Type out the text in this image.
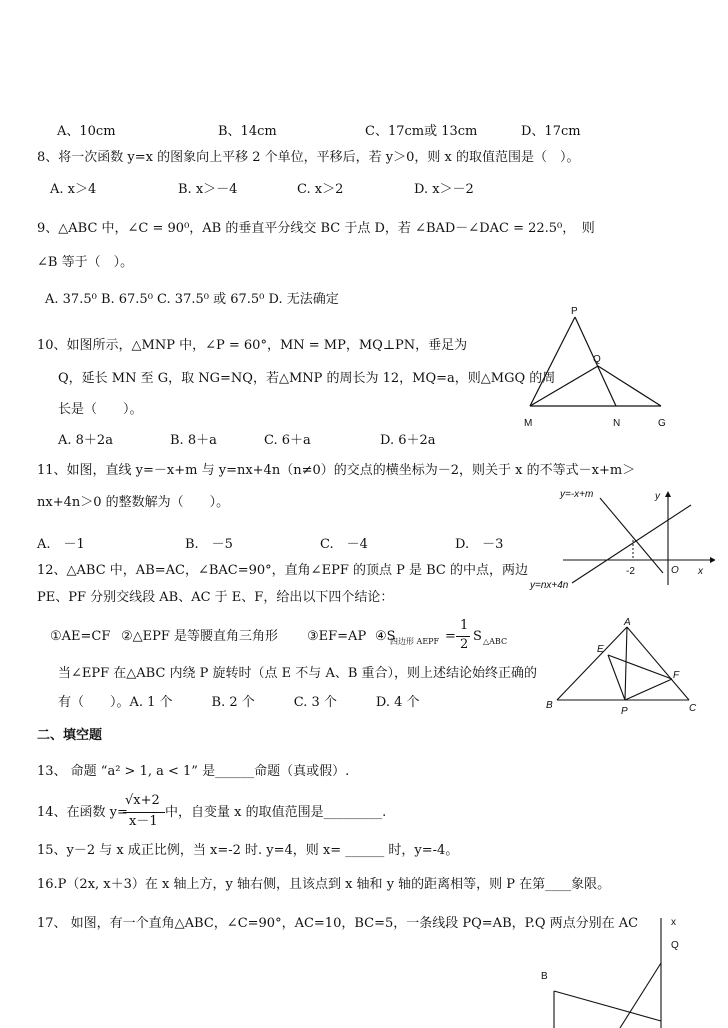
A、10cm	B、14cm	C、17cm或 13cm	D、17cm
8、将一次函数 y=x 的图象向上平移 2 个单位，平移后，若 y＞0，则 x 的取值范围是（　）。
A. x＞4	B. x＞－4	C. x＞2	D. x＞－2
9、△ABC 中，∠C = 90⁰，AB 的垂直平分线交 BC 于点 D，若 ∠BAD－∠DAC = 22.5⁰，　则
∠B 等于（　）。
A. 37.5⁰ B. 67.5⁰ C. 37.5⁰ 或 67.5⁰ D. 无法确定
10、如图所示，△MNP 中，∠P = 60°，MN = MP，MQ⊥PN，垂足为
Q，延长 MN 至 G，取 NG=NQ，若△MNP 的周长为 12，MQ=a，则△MGQ 的周
长是（　　）。
A. 8＋2a	B. 8＋a	C. 6＋a	D. 6＋2a
P
Q
M	N	G
11、如图，直线 y=－x+m 与 y=nx+4n（n≠0）的交点的横坐标为－2，则关于 x 的不等式－x+m＞
nx+4n＞0 的整数解为（　　）。
A.　－1	B.　－5	C.　－4	D.　－3
y=-x+m
y=nx+4n
y
x
O
-2
12、△ABC 中，AB=AC，∠BAC=90°，直角∠EPF 的顶点 P 是 BC 的中点，两边
PE、PF 分别交线段 AB、AC 于 E、F，给出以下四个结论：
①AE=CF ②△EPF 是等腰直角三角形 ③EF=AP ④S
四边形 AEPF =
1
2
S △ABC
当∠EPF 在△ABC 内绕 P 旋转时（点 E 不与 A、B 重合），则上述结论始终正确的
有（　　）。A. 1 个　　　B. 2 个　　　C. 3 个　　　D. 4 个
A
B	C
E
F
P
二、填空题
13、 命题 “a² > 1, a < 1” 是______命题（真或假）.
14、在函数 y=
√x+2
x－1
中，自变量 x 的取值范围是_________.
15、y－2 与 x 成正比例，当 x=-2 时. y=4，则 x= ______ 时，y=-4。
16.P（2x, x＋3）在 x 轴上方，y 轴右侧，且该点到 x 轴和 y 轴的距离相等，则 P 在第____象限。
17、 如图，有一个直角△ABC，∠C=90°，AC=10，BC=5，一条线段 PQ=AB，P.Q 两点分别在 AC	x
Q
B
